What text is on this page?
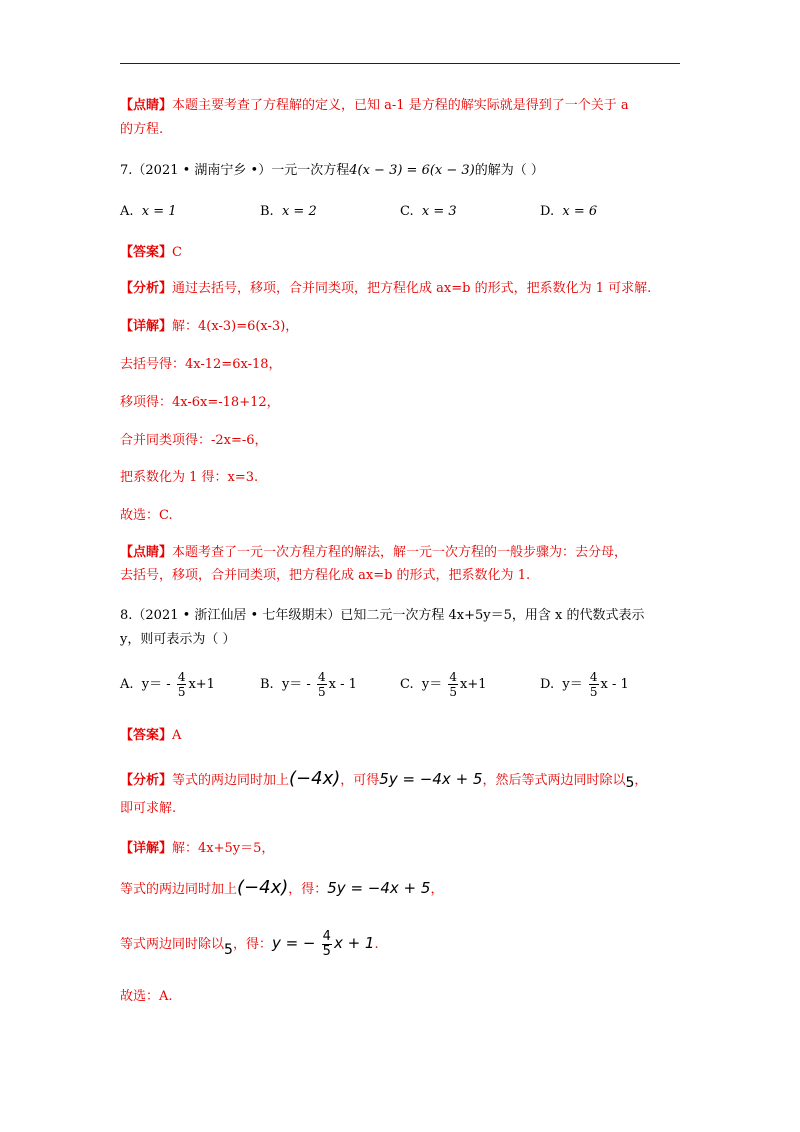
【点睛】本题主要考查了方程解的定义，已知 a-1 是方程的解实际就是得到了一个关于 a
的方程.
7.（2021 • 湖南宁乡 •）一元一次方程4(x − 3) = 6(x − 3)的解为（ ）
A. x = 1	B. x = 2	C. x = 3	D. x = 6
【答案】C
【分析】通过去括号，移项，合并同类项，把方程化成 ax=b 的形式，把系数化为 1 可求解.
【详解】解：4(x-3)=6(x-3)，
去括号得：4x-12=6x-18，
移项得：4x-6x=-18+12，
合并同类项得：-2x=-6，
把系数化为 1 得：x=3.
故选：C.
【点睛】本题考查了一元一次方程方程的解法，解一元一次方程的一般步骤为：去分母，
去括号，移项，合并同类项，把方程化成 ax=b 的形式，把系数化为 1.
8.（2021 • 浙江仙居 • 七年级期末）已知二元一次方程 4x+5y＝5，用含 x 的代数式表示
y，则可表示为（ ）
A. $y= - \frac{4}{5} x+1$	B. $y= - \frac{4}{5}$ x - 1	C. $y= \frac{4}{5} x+1$	D. $y= \frac{4}{5}$ x - 1
【答案】A
【分析】等式的两边同时加上(−4x)，可得5y = −4x + 5，然后等式两边同时除以5，
即可求解.
【详解】解：4x+5y＝5，
等式的两边同时加上(−4x)，得：5y = −4x + 5，
等式两边同时除以5，得：y = − $\frac{4}{5}$ x + 1.
故选：A.
